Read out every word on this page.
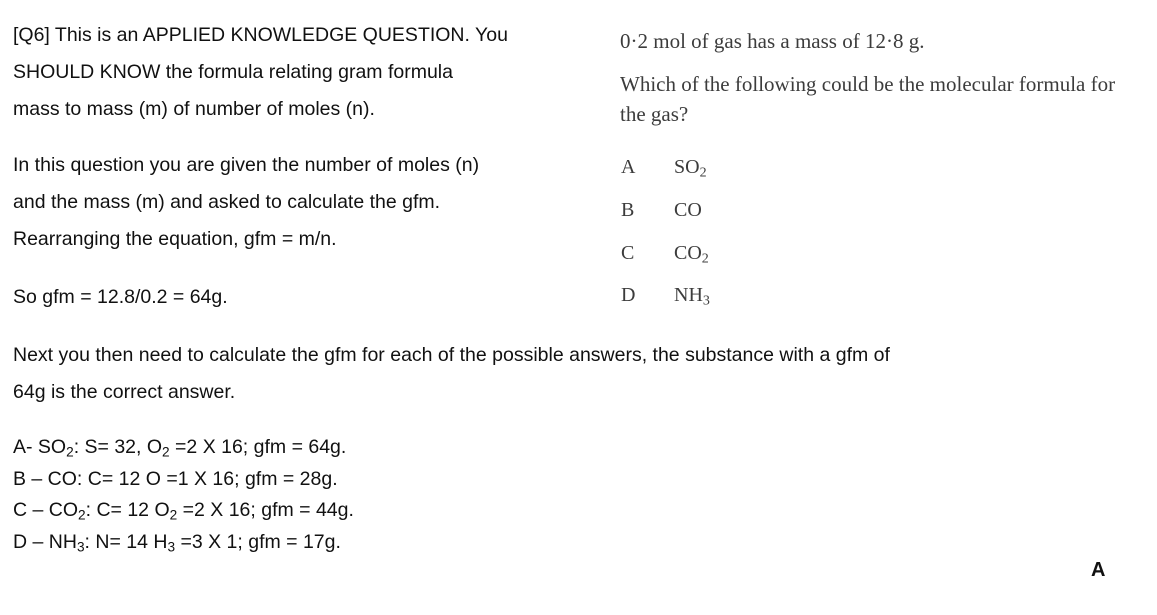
[Q6] This is an APPLIED KNOWLEDGE QUESTION. You
SHOULD KNOW the formula relating gram formula
mass to mass (m) of number of moles (n).
In this question you are given the number of moles (n)
and the mass (m) and asked to calculate the gfm.
Rearranging the equation, gfm = m/n.
So gfm = 12.8/0.2 = 64g.
Next you then need to calculate the gfm for each of the possible answers, the substance with a gfm of
64g is the correct answer.
A- $SO_2$: S= 32, $O_2 =2$ X 16; gfm = 64g.
B – CO: C= 12 O =1 X 16; gfm = 28g.
C – $CO_2$: C= 12 $O_2 =2$ X 16; gfm = 44g.
D – $NH_3$: N= 14 $H_3 =3$ X 1; gfm = 17g.
0·2 mol of gas has a mass of 12·8 g.
Which of the following could be the molecular formula for the gas?
A $SO_2$
B CO
C $CO_2$
D $NH_3$
A
